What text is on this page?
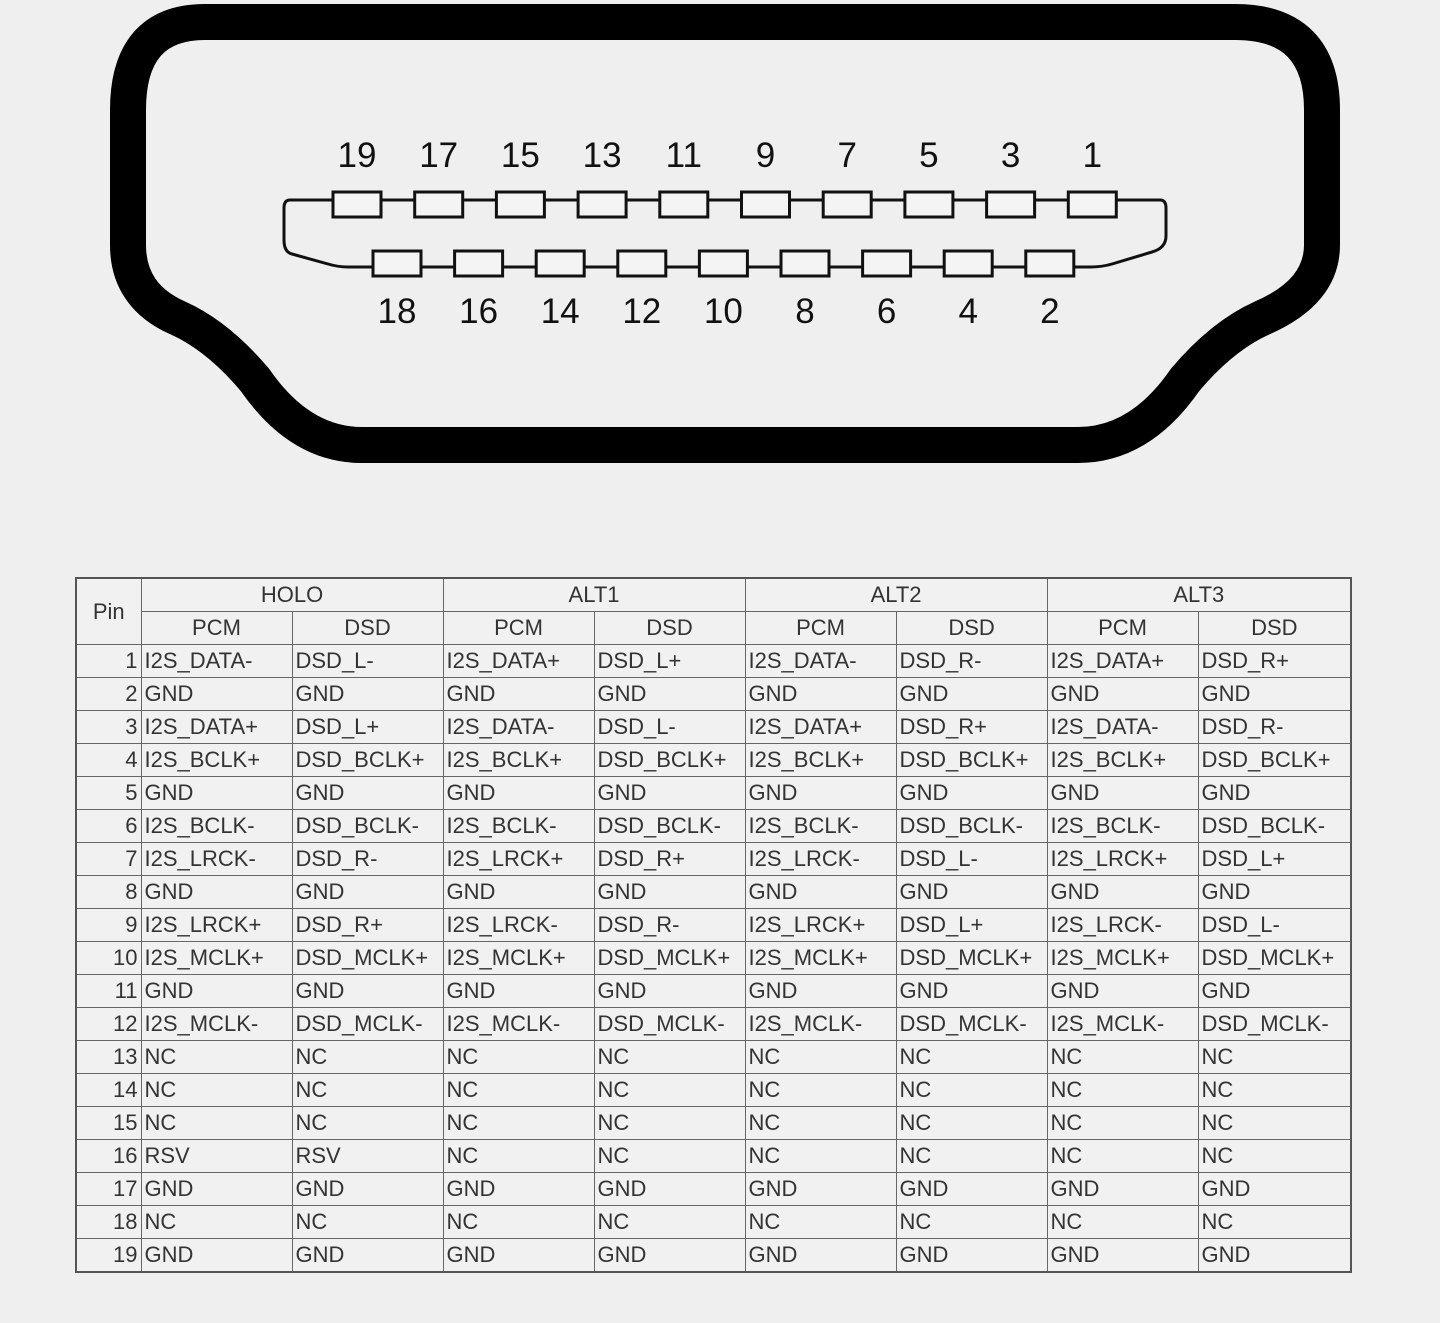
19 17 15 13 11 9 7 5 3 1
18 16 14 12 10 8 6 4 2
Pin	HOLO		ALT1		ALT2		ALT3	
	PCM	DSD	PCM	DSD	PCM	DSD	PCM	DSD
1	I2S_DATA-	DSD_L-	I2S_DATA+	DSD_L+	I2S_DATA-	DSD_R-	I2S_DATA+	DSD_R+
2	GND	GND	GND	GND	GND	GND	GND	GND
3	I2S_DATA+	DSD_L+	I2S_DATA-	DSD_L-	I2S_DATA+	DSD_R+	I2S_DATA-	DSD_R-
4	I2S_BCLK+	DSD_BCLK+	I2S_BCLK+	DSD_BCLK+	I2S_BCLK+	DSD_BCLK+	I2S_BCLK+	DSD_BCLK+
5	GND	GND	GND	GND	GND	GND	GND	GND
6	I2S_BCLK-	DSD_BCLK-	I2S_BCLK-	DSD_BCLK-	I2S_BCLK-	DSD_BCLK-	I2S_BCLK-	DSD_BCLK-
7	I2S_LRCK-	DSD_R-	I2S_LRCK+	DSD_R+	I2S_LRCK-	DSD_L-	I2S_LRCK+	DSD_L+
8	GND	GND	GND	GND	GND	GND	GND	GND
9	I2S_LRCK+	DSD_R+	I2S_LRCK-	DSD_R-	I2S_LRCK+	DSD_L+	I2S_LRCK-	DSD_L-
10	I2S_MCLK+	DSD_MCLK+	I2S_MCLK+	DSD_MCLK+	I2S_MCLK+	DSD_MCLK+	I2S_MCLK+	DSD_MCLK+
11	GND	GND	GND	GND	GND	GND	GND	GND
12	I2S_MCLK-	DSD_MCLK-	I2S_MCLK-	DSD_MCLK-	I2S_MCLK-	DSD_MCLK-	I2S_MCLK-	DSD_MCLK-
13	NC	NC	NC	NC	NC	NC	NC	NC
14	NC	NC	NC	NC	NC	NC	NC	NC
15	NC	NC	NC	NC	NC	NC	NC	NC
16	RSV	RSV	NC	NC	NC	NC	NC	NC
17	GND	GND	GND	GND	GND	GND	GND	GND
18	NC	NC	NC	NC	NC	NC	NC	NC
19	GND	GND	GND	GND	GND	GND	GND	GND
